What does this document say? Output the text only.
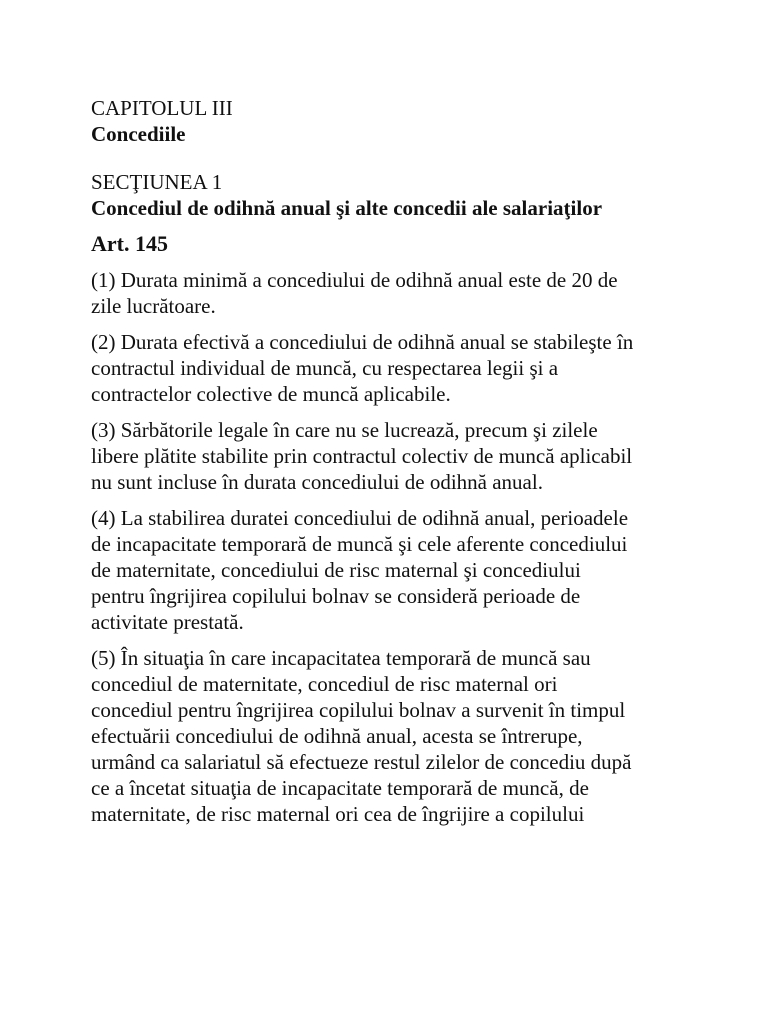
CAPITOLUL III
Concediile
SECŢIUNEA 1
Concediul de odihnă anual şi alte concedii ale salariaţilor
Art. 145
(1) Durata minimă a concediului de odihnă anual este de 20 de
zile lucrătoare.
(2) Durata efectivă a concediului de odihnă anual se stabileşte în
contractul individual de muncă, cu respectarea legii şi a
contractelor colective de muncă aplicabile.
(3) Sărbătorile legale în care nu se lucrează, precum şi zilele
libere plătite stabilite prin contractul colectiv de muncă aplicabil
nu sunt incluse în durata concediului de odihnă anual.
(4) La stabilirea duratei concediului de odihnă anual, perioadele
de incapacitate temporară de muncă şi cele aferente concediului
de maternitate, concediului de risc maternal şi concediului
pentru îngrijirea copilului bolnav se consideră perioade de
activitate prestată.
(5) În situaţia în care incapacitatea temporară de muncă sau
concediul de maternitate, concediul de risc maternal ori
concediul pentru îngrijirea copilului bolnav a survenit în timpul
efectuării concediului de odihnă anual, acesta se întrerupe,
urmând ca salariatul să efectueze restul zilelor de concediu după
ce a încetat situaţia de incapacitate temporară de muncă, de
maternitate, de risc maternal ori cea de îngrijire a copilului
